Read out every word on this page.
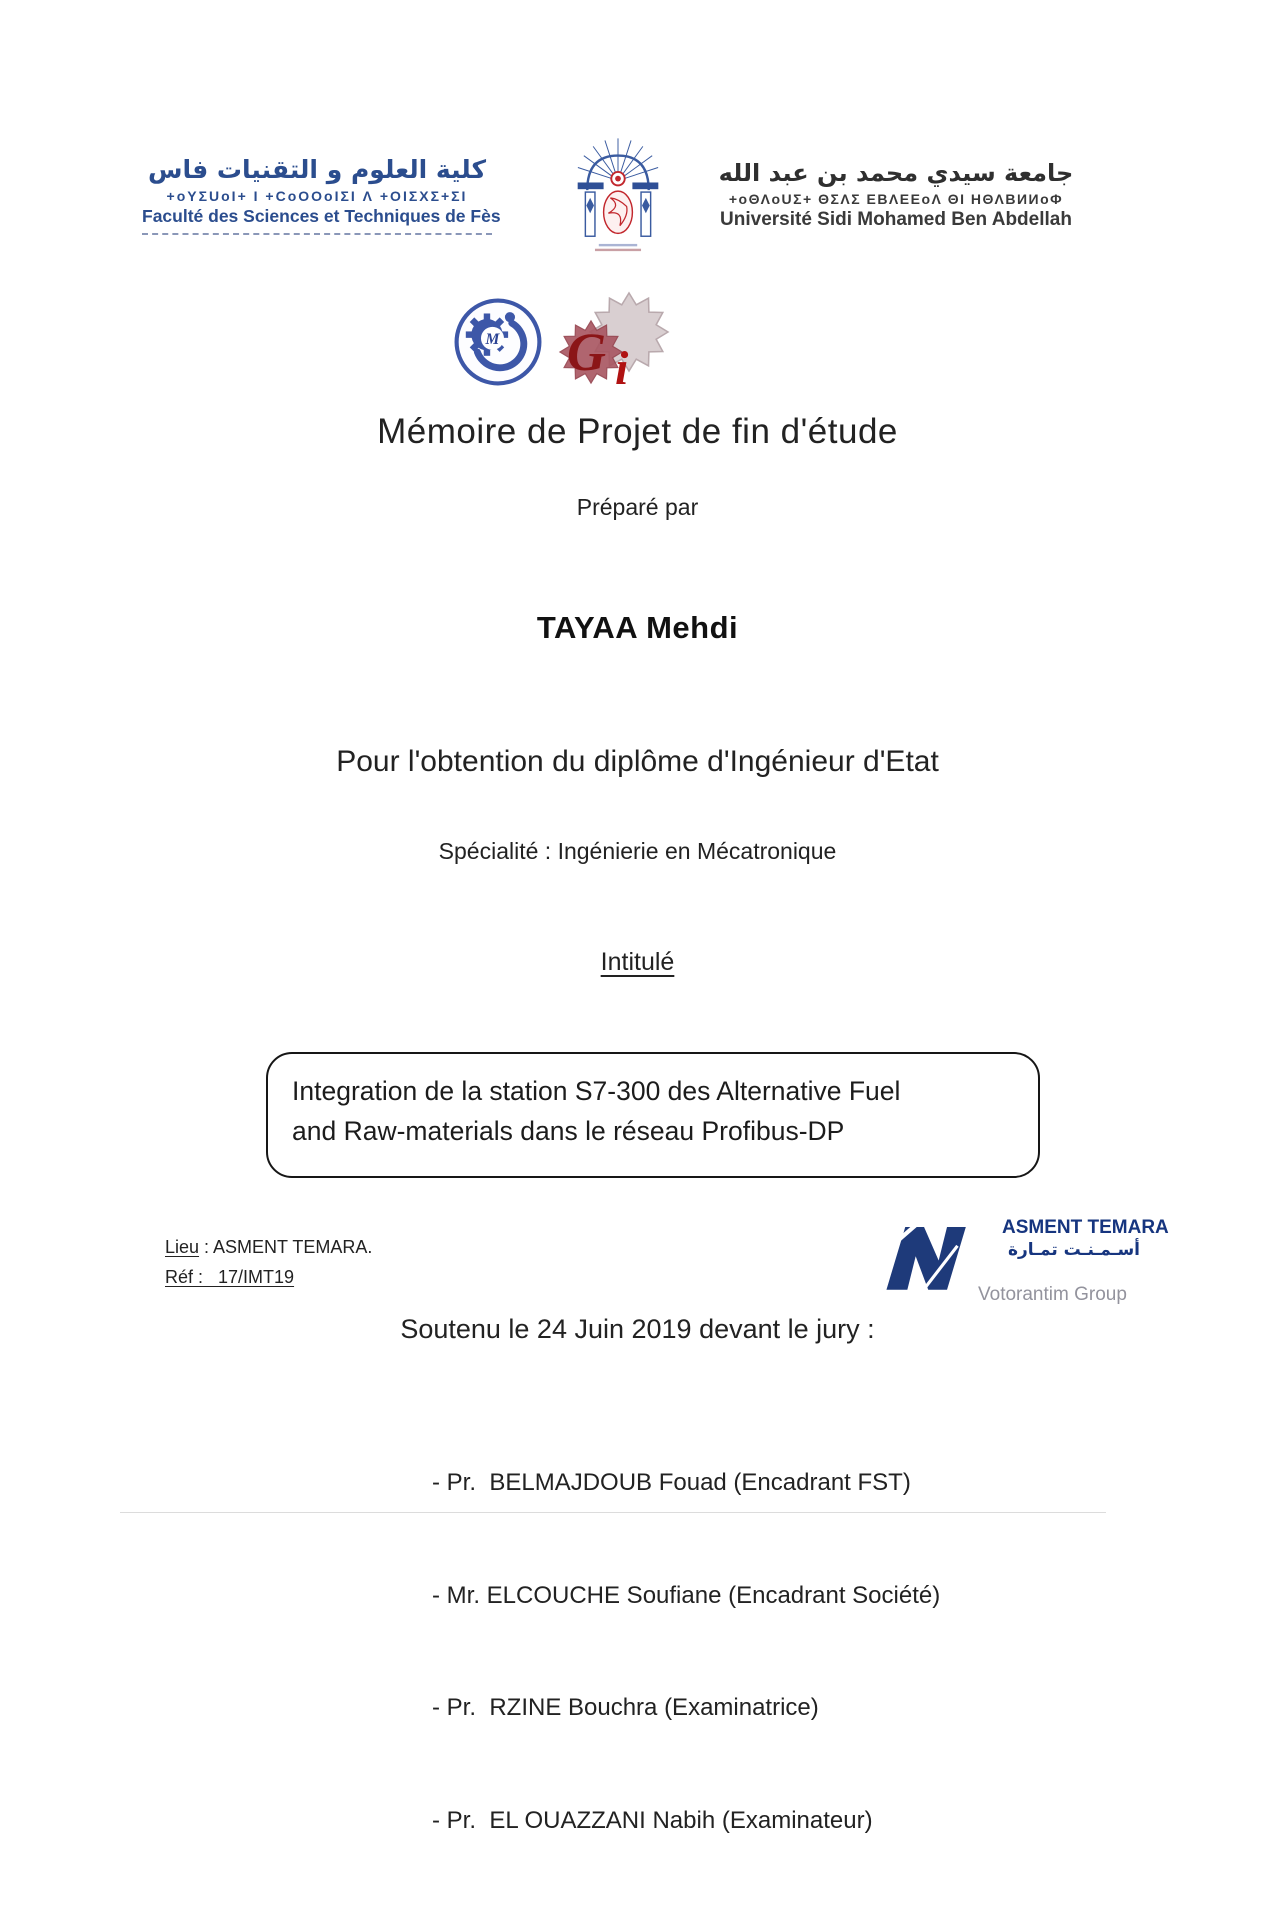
كلية العلوم و التقنيات فاس
+oYΣUoI+ I +CoOOoIΣI Λ +OIΣXΣ+ΣI
Faculté des Sciences et Techniques de Fès
جامعة سيدي محمد بن عبد الله
+oΘΛoUΣ+ ΘΣΛΣ ΕΒΛΕΕoΛ ΘI ΗΘΛΒИИoΦ
Université Sidi Mohamed Ben Abdellah
M G i
Mémoire de Projet de fin d'étude
Préparé par
TAYAA Mehdi
Pour l'obtention du diplôme d'Ingénieur d'Etat
Spécialité : Ingénierie en Mécatronique
Intitulé
Integration de la station S7-300 des Alternative Fuel
and Raw-materials dans le réseau Profibus-DP
Lieu : ASMENT TEMARA.
Réf :   17/IMT19
ASMENT TEMARA
أسـمـنـت تمـارة
Votorantim Group
Soutenu le 24 Juin 2019 devant le jury :

- Pr.  BELMAJDOUB Fouad (Encadrant FST)

- Mr. ELCOUCHE Soufiane (Encadrant Société)

- Pr.  RZINE Bouchra (Examinatrice)

- Pr.  EL OUAZZANI Nabih (Examinateur)
